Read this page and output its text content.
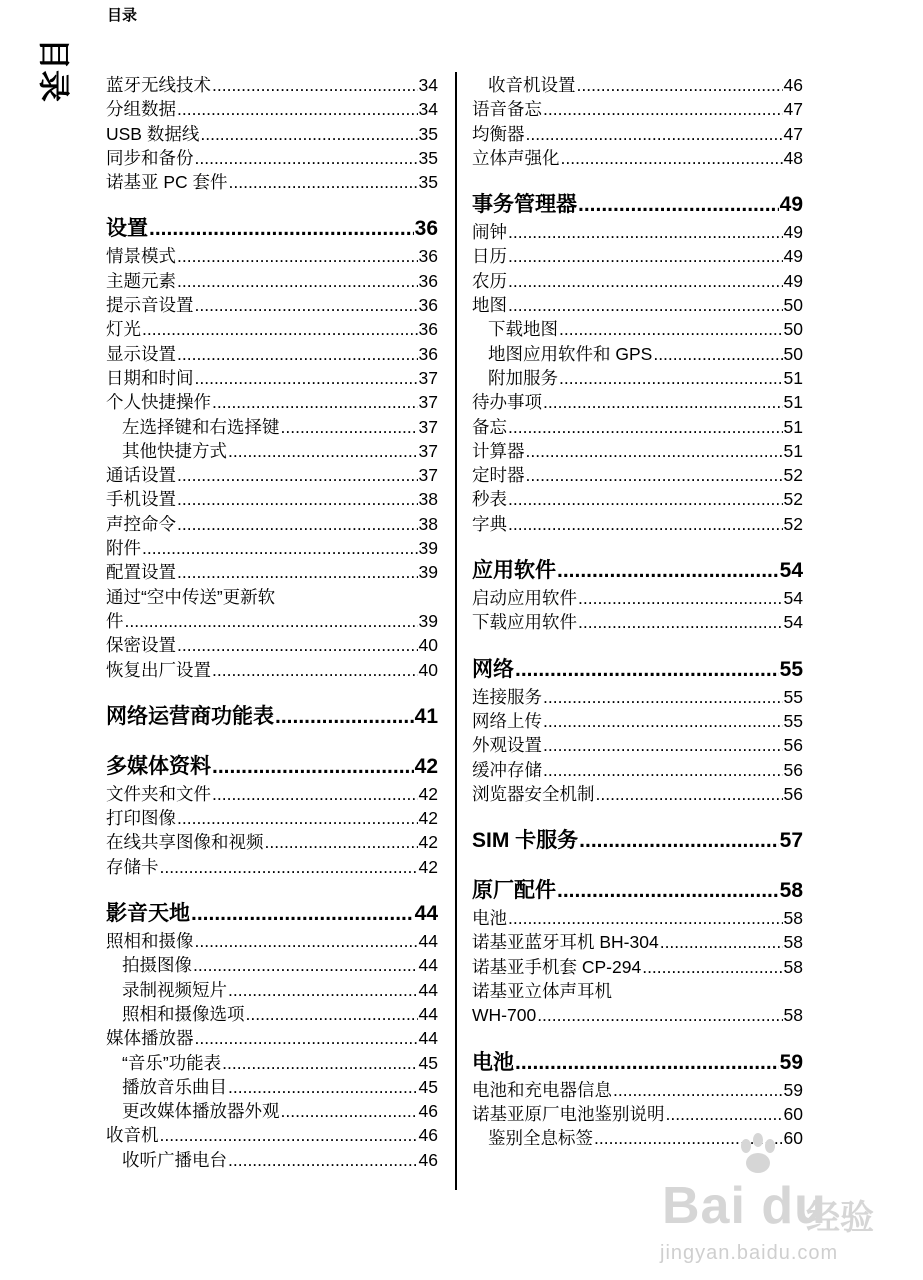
目录
目录 蓝牙无线技术 .....	34
分组数据 .....	34
USB 数据线 .....	35
同步和备份 .....	35
诺基亚 PC 套件 .....	35
设置 .....	36
情景模式 .....	36
主题元素 .....	36
提示音设置 .....	36
灯光 .....	36
显示设置 .....	36
日期和时间 .....	37
个人快捷操作 .....	37
左选择键和右选择键 .....	37
其他快捷方式 .....	37
通话设置 .....	37
手机设置 .....	38
声控命令 .....	38
附件 .....	39
配置设置 .....	39
通过“空中传送”更新软
件 .....	39
保密设置 .....	40
恢复出厂设置 .....	40
网络运营商功能表 .....	41
多媒体资料 .....	42
文件夹和文件 .....	42
打印图像 .....	42
在线共享图像和视频 .....	42
存储卡 .....	42
影音天地 .....	44
照相和摄像 .....	44
拍摄图像 .....	44
录制视频短片 .....	44
照相和摄像选项 .....	44
媒体播放器 .....	44
“音乐”功能表 .....	45
播放音乐曲目 .....	45
更改媒体播放器外观 .....	46
收音机 .....	46
收听广播电台 .....	46
收音机设置 .....	46
语音备忘 .....	47
均衡器 .....	47
立体声强化 .....	48
事务管理器 .....	49
闹钟 .....	49
日历 .....	49
农历 .....	49
地图 .....	50
下载地图 .....	50
地图应用软件和 GPS .....	50
附加服务 .....	51
待办事项 .....	51
备忘 .....	51
计算器 .....	51
定时器 .....	52
秒表 .....	52
字典 .....	52
应用软件 .....	54
启动应用软件 .....	54
下载应用软件 .....	54
网络 .....	55
连接服务 .....	55
网络上传 .....	55
外观设置 .....	56
缓冲存储 .....	56
浏览器安全机制 .....	56
SIM 卡服务 .....	57
原厂配件 .....	58
电池 .....	58
诺基亚蓝牙耳机 BH-304 .....	58
诺基亚手机套 CP-294 .....	58
诺基亚立体声耳机
WH-700 .....	58
电池 .....	59
电池和充电器信息 .....	59
诺基亚原厂电池鉴别说明 .....	60
鉴别全息标签 .....	60
Bai du
经验
jingyan.baidu.com
